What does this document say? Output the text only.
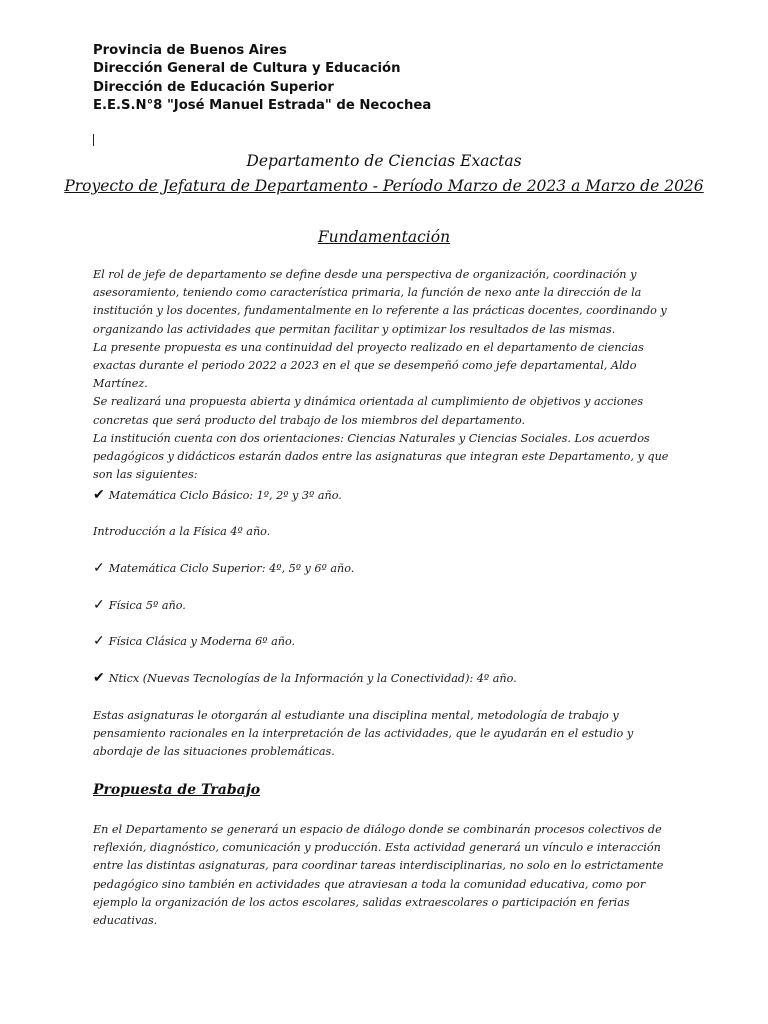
Provincia de Buenos Aires
Dirección General de Cultura y Educación
Dirección de Educación Superior
E.E.S.N°8 "José Manuel Estrada" de Necochea
Departamento de Ciencias Exactas
Proyecto de Jefatura de Departamento - Período Marzo de 2023 a Marzo de 2026
Fundamentación

El rol de jefe de departamento se define desde una perspectiva de organización, coordinación y asesoramiento, teniendo como característica primaria, la función de nexo ante la dirección de la institución y los docentes, fundamentalmente en lo referente a las prácticas docentes, coordinando y organizando las actividades que permitan facilitar y optimizar los resultados de las mismas.

La presente propuesta es una continuidad del proyecto realizado en el departamento de ciencias exactas durante el periodo 2022 a 2023 en el que se desempeñó como jefe departamental, Aldo Martínez.

Se realizará una propuesta abierta y dinámica orientada al cumplimiento de objetivos y acciones concretas que será producto del trabajo de los miembros del departamento.

La institución cuenta con dos orientaciones: Ciencias Naturales y Ciencias Sociales. Los acuerdos pedagógicos y didácticos estarán dados entre las asignaturas que integran este Departamento, y que son las siguientes:

✔ Matemática Ciclo Básico: 1º, 2º y 3º año.
Introducción a la Física 4º año.
✓ Matemática Ciclo Superior: 4º, 5º y 6º año.
✓ Física 5º año.
✓ Física Clásica y Moderna 6º año.
✔ Nticx (Nuevas Tecnologías de la Información y la Conectividad): 4º año.

Estas asignaturas le otorgarán al estudiante una disciplina mental, metodología de trabajo y pensamiento racionales en la interpretación de las actividades, que le ayudarán en el estudio y abordaje de las situaciones problemáticas.

Propuesta de Trabajo

En el Departamento se generará un espacio de diálogo donde se combinarán procesos colectivos de reflexión, diagnóstico, comunicación y producción. Esta actividad generará un vínculo e interacción entre las distintas asignaturas, para coordinar tareas interdisciplinarias, no solo en lo estrictamente pedagógico sino también en actividades que atraviesan a toda la comunidad educativa, como por ejemplo la organización de los actos escolares, salidas extraescolares o participación en ferias educativas.
